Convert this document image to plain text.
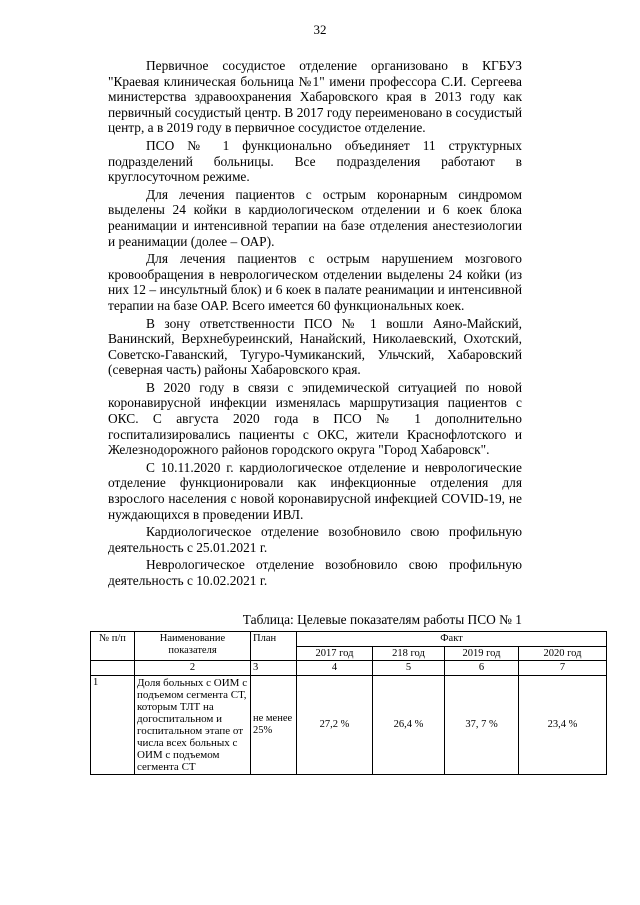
32

Первичное сосудистое отделение организовано в КГБУЗ "Краевая клиническая больница №1" имени профессора С.И. Сергеева министерства здравоохранения Хабаровского края в 2013 году как первичный сосудистый центр. В 2017 году переименовано в сосудистый центр, а в 2019 году в первичное сосудистое отделение.

ПСО № 1 функционально объединяет 11 структурных подразделений больницы. Все подразделения работают в круглосуточном режиме.

Для лечения пациентов с острым коронарным синдромом выделены 24 койки в кардиологическом отделении и 6 коек блока реанимации и интенсивной терапии на базе отделения анестезиологии и реанимации (долее – ОАР).

Для лечения пациентов с острым нарушением мозгового кровообращения в неврологическом отделении выделены 24 койки (из них 12 – инсультный блок) и 6 коек в палате реанимации и интенсивной терапии на базе ОАР. Всего имеется 60 функциональных коек.

В зону ответственности ПСО № 1 вошли Аяно-Майский, Ванинский, Верхнебуреинский, Нанайский, Николаевский, Охотский, Советско-Гаванский, Тугуро-Чумиканский, Ульчский, Хабаровский (северная часть) районы Хабаровского края.

В 2020 году в связи с эпидемической ситуацией по новой коронавирусной инфекции изменялась маршрутизация пациентов с ОКС. С августа 2020 года в ПСО № 1 дополнительно госпитализировались пациенты с ОКС, жители Краснофлотского и Железнодорожного районов городского округа "Город Хабаровск".

С 10.11.2020 г. кардиологическое отделение и неврологические отделение функционировали как инфекционные отделения для взрослого населения с новой коронавирусной инфекцией COVID-19, не нуждающихся в проведении ИВЛ.

Кардиологическое отделение возобновило свою профильную деятельность с 25.01.2021 г.

Неврологическое отделение возобновило свою профильную деятельность с 10.02.2021 г.

Таблица: Целевые показателям работы ПСО № 1
№ п/п	Наименование показателя	План	Факт			
			2017 год	218 год	2019 год	2020 год
	2	3	4	5	6	7
1	Доля больных с ОИМ с подъемом сегмента СТ, которым ТЛТ на догоспитальном и госпитальном этапе от числа всех больных с ОИМ с подъемом сегмента СТ	не менее 25%	27,2 %	26,4 %	37, 7 %	23,4 %
